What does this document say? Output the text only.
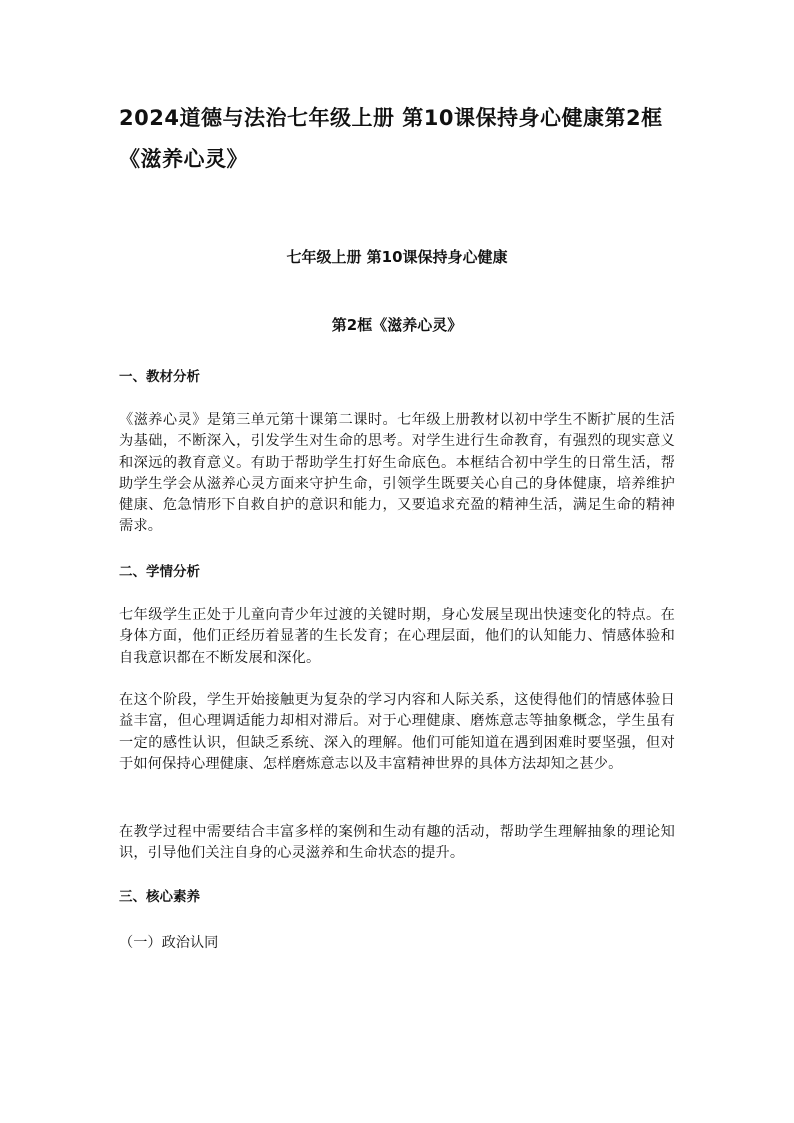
2024道德与法治七年级上册 第10课保持身心健康第2框《滋养心灵》
七年级上册 第10课保持身心健康
第2框《滋养心灵》
一、教材分析

《滋养心灵》是第三单元第十课第二课时。七年级上册教材以初中学生不断扩展的生活为基础，不断深入，引发学生对生命的思考。对学生进行生命教育，有强烈的现实意义和深远的教育意义。有助于帮助学生打好生命底色。本框结合初中学生的日常生活，帮助学生学会从滋养心灵方面来守护生命，引领学生既要关心自己的身体健康，培养维护健康、危急情形下自救自护的意识和能力，又要追求充盈的精神生活，满足生命的精神需求。

二、学情分析

七年级学生正处于儿童向青少年过渡的关键时期，身心发展呈现出快速变化的特点。在身体方面，他们正经历着显著的生长发育；在心理层面，他们的认知能力、情感体验和自我意识都在不断发展和深化。

在这个阶段，学生开始接触更为复杂的学习内容和人际关系，这使得他们的情感体验日益丰富，但心理调适能力却相对滞后。对于心理健康、磨炼意志等抽象概念，学生虽有一定的感性认识，但缺乏系统、深入的理解。他们可能知道在遇到困难时要坚强，但对于如何保持心理健康、怎样磨炼意志以及丰富精神世界的具体方法却知之甚少。

在教学过程中需要结合丰富多样的案例和生动有趣的活动，帮助学生理解抽象的理论知识，引导他们关注自身的心灵滋养和生命状态的提升。

三、核心素养

（一）政治认同
